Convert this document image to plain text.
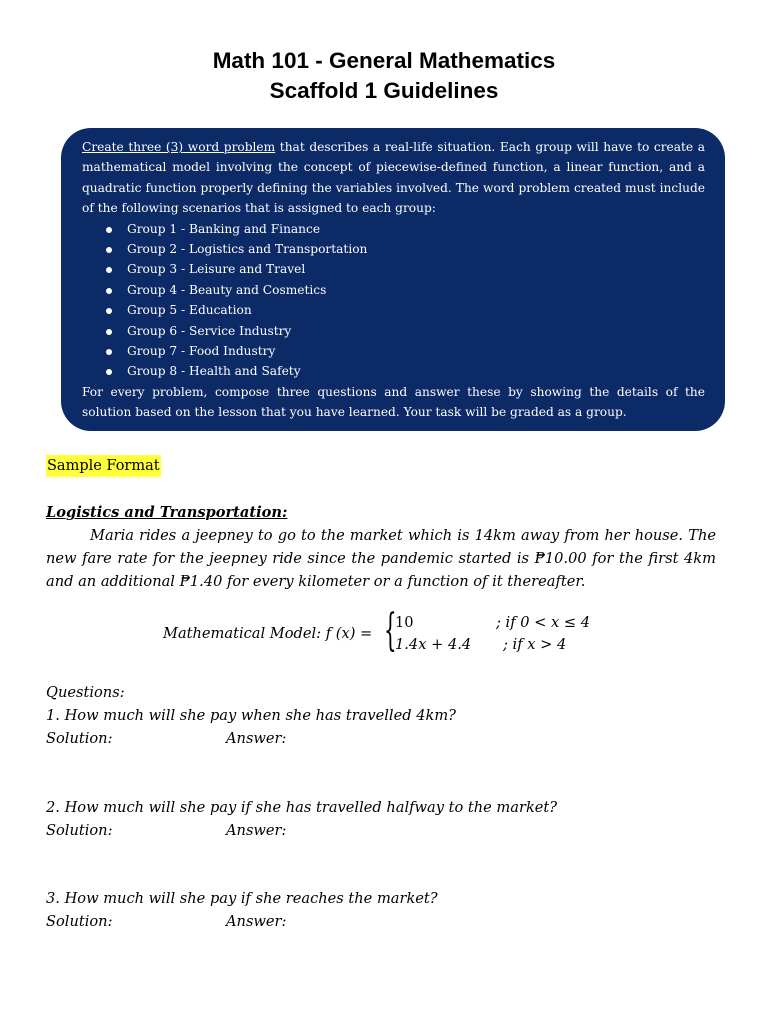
Math 101 - General Mathematics
Scaffold 1 Guidelines

Create three (3) word problem that describes a real-life situation. Each group will have to create a mathematical model involving the concept of piecewise-defined function, a linear function, and a quadratic function properly defining the variables involved. The word problem created must include of the following scenarios that is assigned to each group:

Group 1 - Banking and Finance
Group 2 - Logistics and Transportation
Group 3 - Leisure and Travel
Group 4 - Beauty and Cosmetics
Group 5 - Education
Group 6 - Service Industry
Group 7 - Food Industry
Group 8 - Health and Safety

For every problem, compose three questions and answer these by showing the details of the solution based on the lesson that you have learned. Your task will be graded as a group.

Sample Format
Logistics and Transportation:
Maria rides a jeepney to go to the market which is 14km away from her house. The new fare rate for the jeepney ride since the pandemic started is ₱10.00 for the first 4km and an additional ₱1.40 for every kilometer or a function of it thereafter.
Mathematical Model: f (x) = {
10	; if 0 < x ≤ 4
1.4x + 4.4 ; if x > 4
Questions:
1. How much will she pay when she has travelled 4km?
Solution:	Answer:
2. How much will she pay if she has travelled halfway to the market?
Solution:	Answer:
3. How much will she pay if she reaches the market?
Solution:	Answer:
